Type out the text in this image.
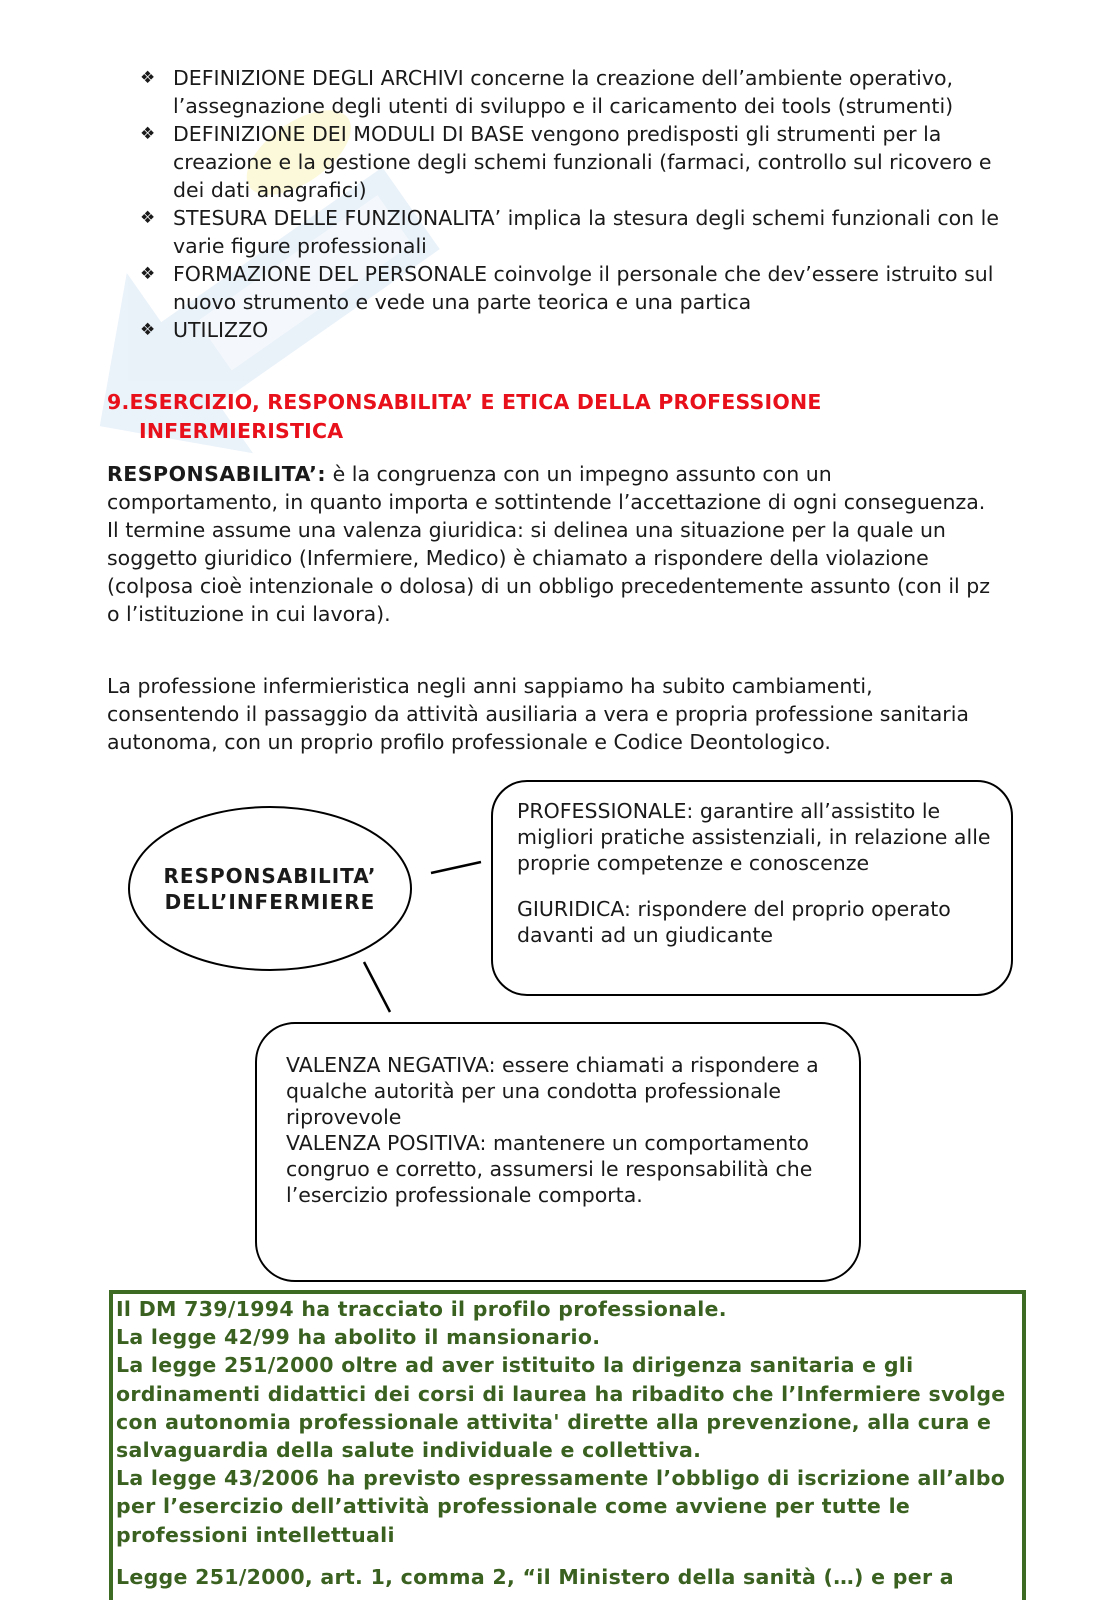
❖ DEFINIZIONE DEGLI ARCHIVI concerne la creazione dell’ambiente operativo, l’assegnazione degli utenti di sviluppo e il caricamento dei tools (strumenti)
❖ DEFINIZIONE DEI MODULI DI BASE vengono predisposti gli strumenti per la creazione e la gestione degli schemi funzionali (farmaci, controllo sul ricovero e dei dati anagrafici)
❖ STESURA DELLE FUNZIONALITA’ implica la stesura degli schemi funzionali con le varie figure professionali
❖ FORMAZIONE DEL PERSONALE coinvolge il personale che dev’essere istruito sul nuovo strumento e vede una parte teorica e una partica
❖ UTILIZZO
9.ESERCIZIO, RESPONSABILITA’ E ETICA DELLA PROFESSIONE
INFERMIERISTICA

RESPONSABILITA’: è la congruenza con un impegno assunto con un comportamento, in quanto importa e sottintende l’accettazione di ogni conseguenza.
Il termine assume una valenza giuridica: si delinea una situazione per la quale un soggetto giuridico (Infermiere, Medico) è chiamato a rispondere della violazione (colposa cioè intenzionale o dolosa) di un obbligo precedentemente assunto (con il pz o l’istituzione in cui lavora).

La professione infermieristica negli anni sappiamo ha subito cambiamenti, consentendo il passaggio da attività ausiliaria a vera e propria professione sanitaria autonoma, con un proprio profilo professionale e Codice Deontologico.

RESPONSABILITA’ DELL’INFERMIERE

PROFESSIONALE: garantire all’assistito le migliori pratiche assistenziali, in relazione alle proprie competenze e conoscenze

GIURIDICA: rispondere del proprio operato davanti ad un giudicante

VALENZA NEGATIVA: essere chiamati a rispondere a qualche autorità per una condotta professionale riprovevole

VALENZA POSITIVA: mantenere un comportamento congruo e corretto, assumersi le responsabilità che l’esercizio professionale comporta.

Il DM 739/1994 ha tracciato il profilo professionale.

La legge 42/99 ha abolito il mansionario.

La legge 251/2000 oltre ad aver istituito la dirigenza sanitaria e gli ordinamenti didattici dei corsi di laurea ha ribadito che l’Infermiere svolge con autonomia professionale attivita' dirette alla prevenzione, alla cura e salvaguardia della salute individuale e collettiva.

La legge 43/2006 ha previsto espressamente l’obbligo di iscrizione all’albo per l’esercizio dell’attività professionale come avviene per tutte le professioni intellettuali

Legge 251/2000, art. 1, comma 2, “il Ministero della sanità (…) e per a
